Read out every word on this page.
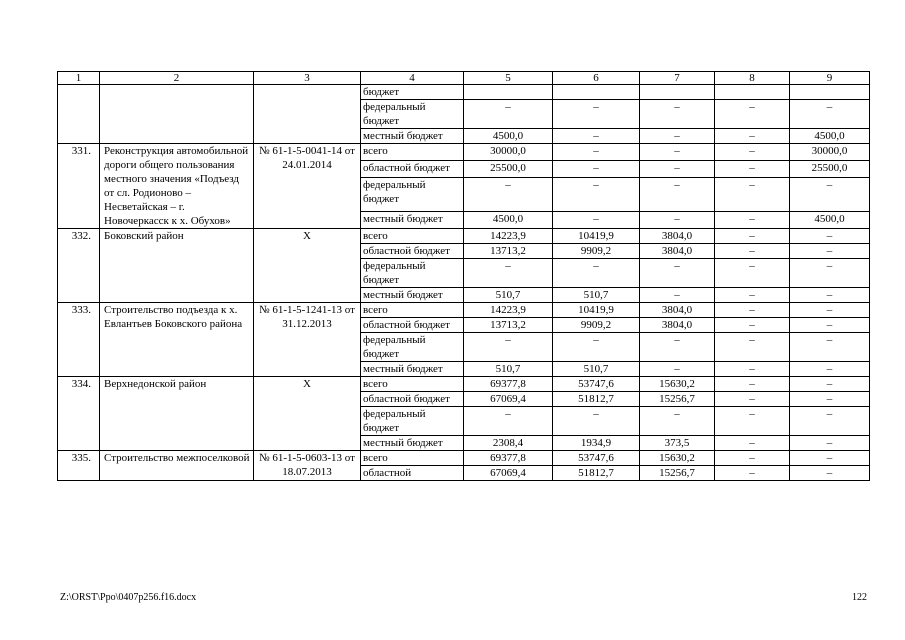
1	2	3	4	5	6	7	8	9
			бюджет					
			федеральный бюджет	–	–	–	–	–
			местный бюджет	4500,0	–	–	–	4500,0
331.	Реконструкция автомобильной дороги общего пользования местного значения «Подъезд от сл. Родионово – Несветайская – г. Новочеркасск к х. Обухов»	№ 61-1-5-0041-14 от 24.01.2014	всего	30000,0	–	–	–	30000,0
			областной бюджет	25500,0	–	–	–	25500,0
			федеральный бюджет	–	–	–	–	–
			местный бюджет	4500,0	–	–	–	4500,0
332.	Боковский район	Х	всего	14223,9	10419,9	3804,0	–	–
			областной бюджет	13713,2	9909,2	3804,0	–	–
			федеральный бюджет	–	–	–	–	–
			местный бюджет	510,7	510,7	–	–	–
333.	Строительство подъезда к х. Евлантьев Боковского района	№ 61-1-5-1241-13 от 31.12.2013	всего	14223,9	10419,9	3804,0	–	–
			областной бюджет	13713,2	9909,2	3804,0	–	–
			федеральный бюджет	–	–	–	–	–
			местный бюджет	510,7	510,7	–	–	–
334.	Верхнедонской район	Х	всего	69377,8	53747,6	15630,2	–	–
			областной бюджет	67069,4	51812,7	15256,7	–	–
			федеральный бюджет	–	–	–	–	–
			местный бюджет	2308,4	1934,9	373,5	–	–
335.	Строительство межпоселковой	№ 61-1-5-0603-13 от 18.07.2013	всего	69377,8	53747,6	15630,2	–	–
			областной	67069,4	51812,7	15256,7	–	–
Z:\ORST\Ppo\0407p256.f16.docx	122
